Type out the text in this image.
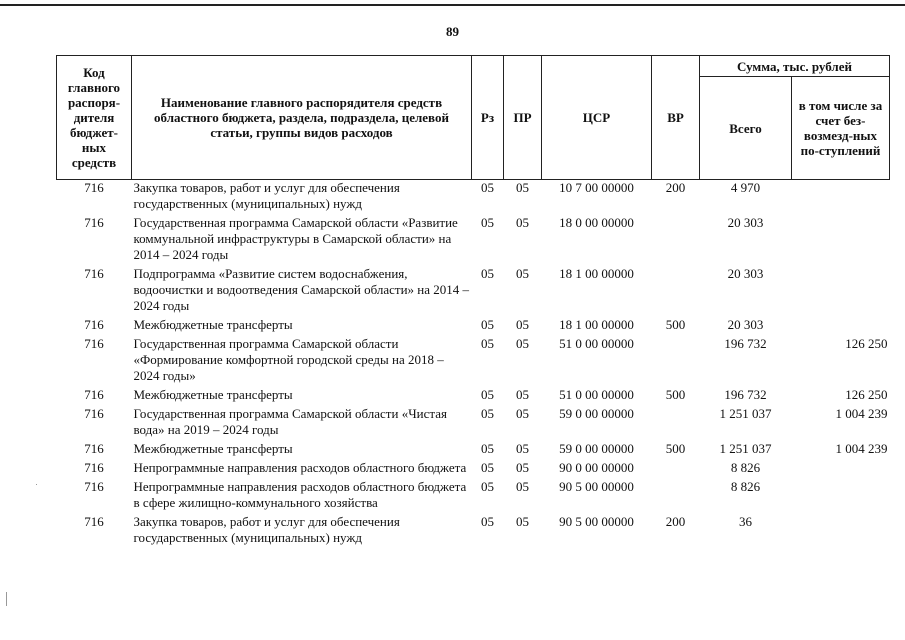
89
Код главного распоря-дителя бюджет-ных средств	Наименование главного распорядителя средств областного бюджета, раздела, подраздела, целевой статьи, группы видов расходов	Рз	ПР	ЦСР	ВР	Сумма, тыс. рублей	
						Всего	в том числе за счет без-возмезд-ных по-ступлений
716	Закупка товаров, работ и услуг для обеспечения государственных (муниципальных) нужд	05	05	10 7 00 00000	200	4 970	
716	Государственная программа Самарской области «Развитие коммунальной инфраструктуры в Самарской области» на 2014 – 2024 годы	05	05	18 0 00 00000		20 303	
716	Подпрограмма «Развитие систем водоснабжения, водоочистки и водоотведения Самарской области» на 2014 – 2024 годы	05	05	18 1 00 00000		20 303	
716	Межбюджетные трансферты	05	05	18 1 00 00000	500	20 303	
716	Государственная программа Самарской области «Формирование комфортной городской среды на 2018 – 2024 годы»	05	05	51 0 00 00000		196 732	126 250
716	Межбюджетные трансферты	05	05	51 0 00 00000	500	196 732	126 250
716	Государственная программа Самарской области «Чистая вода» на 2019 – 2024 годы	05	05	59 0 00 00000		1 251 037	1 004 239
716	Межбюджетные трансферты	05	05	59 0 00 00000	500	1 251 037	1 004 239
716	Непрограммные направления расходов областного бюджета	05	05	90 0 00 00000		8 826	
716	Непрограммные направления расходов областного бюджета в сфере жилищно-коммунального хозяйства	05	05	90 5 00 00000		8 826	
716	Закупка товаров, работ и услуг для обеспечения государственных (муниципальных) нужд	05	05	90 5 00 00000	200	36	
